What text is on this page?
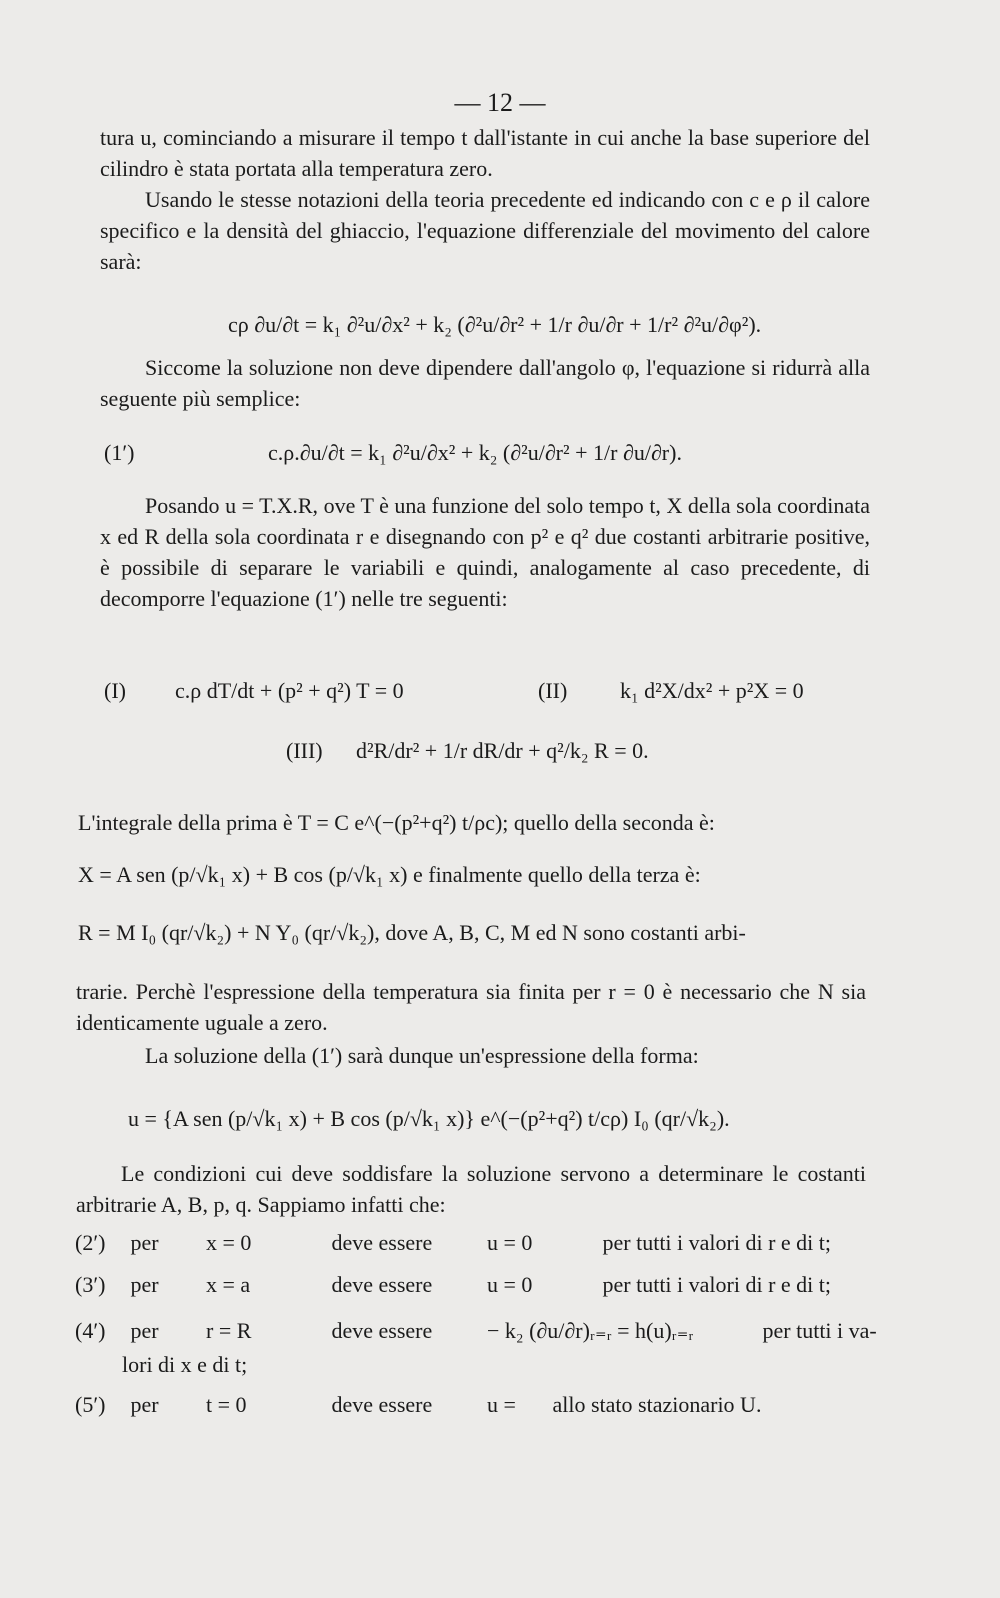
— 12 —

tura u, cominciando a misurare il tempo t dall'istante in cui anche la base superiore del cilindro è stata portata alla temperatura zero.

Usando le stesse notazioni della teoria precedente ed indicando con c e ρ il calore specifico e la densità del ghiaccio, l'equazione differenziale del movimento del calore sarà:

cρ ∂u/∂t = k₁ ∂²u/∂x² + k₂ (∂²u/∂r² + 1/r ∂u/∂r + 1/r² ∂²u/∂φ²).

Siccome la soluzione non deve dipendere dall'angolo φ, l'equazione si ridurrà alla seguente più semplice:

(1′)	c.ρ.∂u/∂t = k₁ ∂²u/∂x² + k₂ (∂²u/∂r² + 1/r ∂u/∂r).

Posando u = T.X.R, ove T è una funzione del solo tempo t, X della sola coordinata x ed R della sola coordinata r e disegnando con p² e q² due costanti arbitrarie positive, è possibile di separare le variabili e quindi, analogamente al caso precedente, di decomporre l'equazione (1′) nelle tre seguenti:

(I) c.ρ dT/dt + (p² + q²) T = 0	(II) k₁ d²X/dx² + p²X = 0
(III) d²R/dr² + 1/r dR/dr + q²/k₂ R = 0.
L'integrale della prima è T = C e^(−(p²+q²) t/ρc); quello della seconda è:
X = A sen (p/√k₁ x) + B cos (p/√k₁ x) e finalmente quello della terza è:
R = M I₀ (qr/√k₂) + N Y₀ (qr/√k₂), dove A, B, C, M ed N sono costanti arbi-

trarie. Perchè l'espressione della temperatura sia finita per r = 0 è necessario che N sia identicamente uguale a zero.

La soluzione della (1′) sarà dunque un'espressione della forma:

u = {A sen (p/√k₁ x) + B cos (p/√k₁ x)} e^(−(p²+q²) t/cρ) I₀ (qr/√k₂).

Le condizioni cui deve soddisfare la soluzione servono a determinare le costanti arbitrarie A, B, p, q. Sappiamo infatti che:

(2′) per x = 0	deve essere u = 0	per tutti i valori di r e di t;
(3′) per x = a	deve essere u = 0	per tutti i valori di r e di t;
(4′) per r = R	deve essere − k₂ (∂u/∂r)ᵣ₌ᵣ = h(u)ᵣ₌ᵣ	per tutti i va-
lori di x e di t;
(5′) per t = 0	deve essere u = allo stato stazionario U.
